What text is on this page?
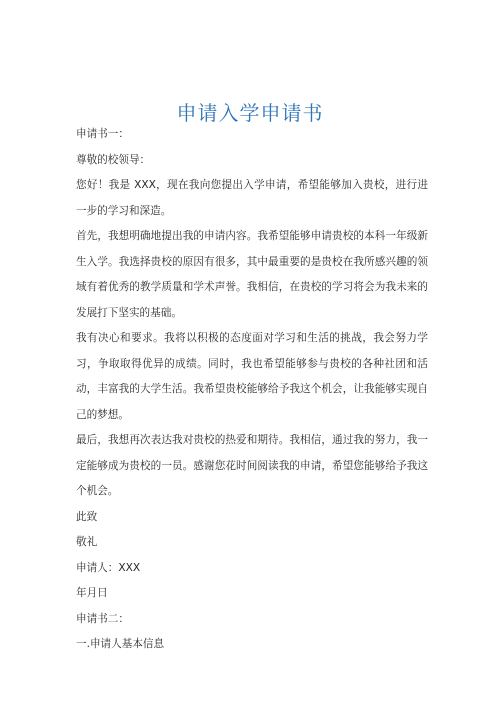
申请入学申请书

申请书一：

尊敬的校领导：

您好！我是 XXX，现在我向您提出入学申请，希望能够加入贵校，进行进一步的学习和深造。

首先，我想明确地提出我的申请内容。我希望能够申请贵校的本科一年级新生入学。我选择贵校的原因有很多，其中最重要的是贵校在我所感兴趣的领域有着优秀的教学质量和学术声誉。我相信，在贵校的学习将会为我未来的发展打下坚实的基础。

我有决心和要求。我将以积极的态度面对学习和生活的挑战，我会努力学习，争取取得优异的成绩。同时，我也希望能够参与贵校的各种社团和活动，丰富我的大学生活。我希望贵校能够给予我这个机会，让我能够实现自己的梦想。

最后，我想再次表达我对贵校的热爱和期待。我相信，通过我的努力，我一定能够成为贵校的一员。感谢您花时间阅读我的申请，希望您能够给予我这个机会。

此致

敬礼

申请人：XXX

年月日

申请书二：

一.申请人基本信息
